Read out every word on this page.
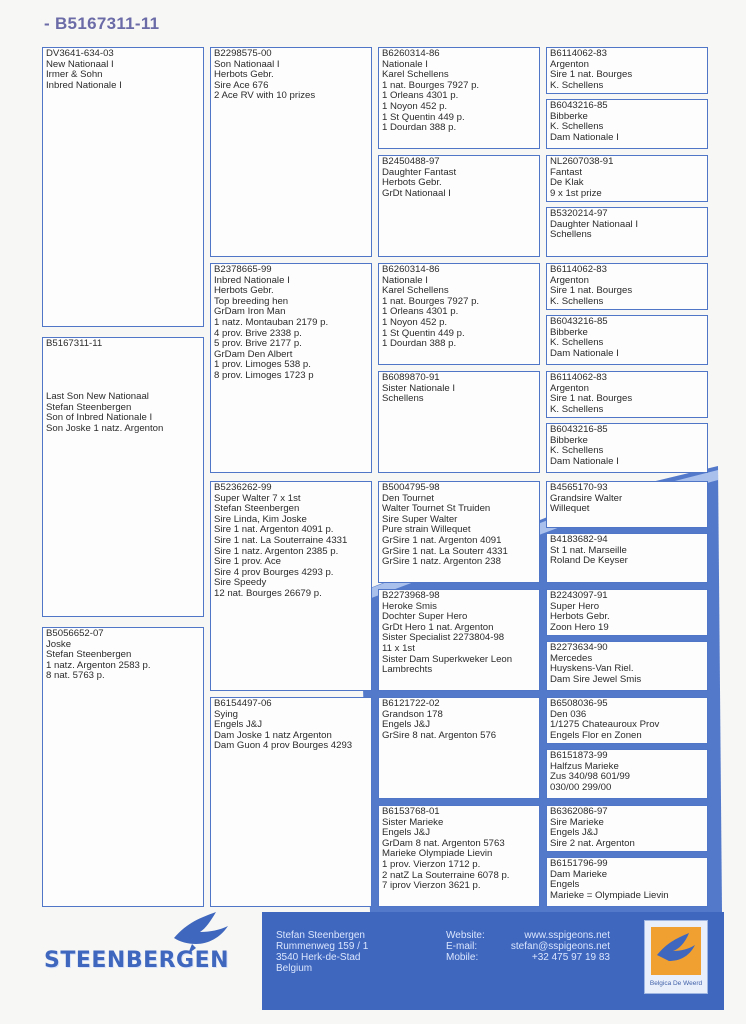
- B5167311-11
DV3641-634-03
New Nationaal I
Irmer & Sohn
Inbred Nationale I
B5167311-11

Last Son New Nationaal
Stefan Steenbergen
Son of Inbred Nationale I
Son Joske 1 natz. Argenton
B5056652-07
Joske
Stefan Steenbergen
1 natz. Argenton 2583 p.
8 nat. 5763 p.
B2298575-00
Son Nationaal I
Herbots Gebr.
Sire Ace 676
2 Ace RV with 10 prizes
B2378665-99
Inbred Nationale I
Herbots Gebr.
Top breeding hen
GrDam Iron Man
1 natz. Montauban 2179 p.
4 prov. Brive 2338 p.
5 prov. Brive 2177 p.
GrDam Den Albert
1 prov. Limoges 538 p.
8 prov. Limoges 1723 p
B5236262-99
Super Walter 7 x 1st
Stefan Steenbergen
Sire Linda, Kim Joske
Sire 1 nat. Argenton 4091 p.
Sire 1 nat. La Souterraine 4331
Sire 1 natz. Argenton 2385 p.
Sire 1 prov. Ace
Sire 4 prov Bourges 4293 p.
Sire Speedy
12 nat. Bourges 26679 p.
B6154497-06
Sying
Engels J&J
Dam Joske 1 natz Argenton
Dam Guon 4 prov Bourges 4293
B6260314-86
Nationale I
Karel Schellens
1 nat. Bourges 7927 p.
1 Orleans 4301 p.
1 Noyon 452 p.
1 St Quentin 449 p.
1 Dourdan 388 p.
B2450488-97
Daughter Fantast
Herbots Gebr.
GrDt Nationaal I
B6260314-86
Nationale I
Karel Schellens
1 nat. Bourges 7927 p.
1 Orleans 4301 p.
1 Noyon 452 p.
1 St Quentin 449 p.
1 Dourdan 388 p.
B6089870-91
Sister Nationale I
Schellens
B5004795-98
Den Tournet
Walter Tournet St Truiden
Sire Super Walter
Pure strain Willequet
GrSire 1 nat. Argenton 4091
GrSire 1 nat. La Souterr 4331
GrSire 1 natz. Argenton 238
B2273968-98
Heroke Smis
Dochter Super Hero
GrDt Hero 1 nat. Argenton
Sister Specialist 2273804-98
11 x 1st
Sister Dam Superkweker Leon
Lambrechts
B6121722-02
Grandson 178
Engels J&J
GrSire 8 nat. Argenton 576
B6153768-01
Sister Marieke
Engels J&J
GrDam 8 nat. Argenton 5763
Marieke Olympiade Lievin
1 prov. Vierzon 1712 p.
2 natZ La Souterraine 6078 p.
7 iprov Vierzon 3621 p.
B6114062-83
Argenton
Sire 1 nat. Bourges
K. Schellens
B6043216-85
Bibberke
K. Schellens
Dam Nationale I
NL2607038-91
Fantast
De Klak
9 x 1st prize
B5320214-97
Daughter Nationaal I
Schellens
B6114062-83
Argenton
Sire 1 nat. Bourges
K. Schellens
B6043216-85
Bibberke
K. Schellens
Dam Nationale I
B6114062-83
Argenton
Sire 1 nat. Bourges
K. Schellens
B6043216-85
Bibberke
K. Schellens
Dam Nationale I
B4565170-93
Grandsire Walter
Willequet
B4183682-94
St 1 nat. Marseille
Roland De Keyser
B2243097-91
Super Hero
Herbots Gebr.
Zoon Hero 19
B2273634-90
Mercedes
Huyskens-Van Riel.
Dam Sire Jewel Smis
B6508036-95
Den 036
1/1275 Chateauroux Prov
Engels Flor en Zonen
B6151873-99
Halfzus Marieke
Zus 340/98 601/99
030/00 299/00
B6362086-97
Sire Marieke
Engels J&J
Sire 2 nat. Argenton
B6151796-99
Dam Marieke
Engels
Marieke = Olympiade Lievin
STEENBERGEN
Stefan Steenbergen
Rummenweg 159 / 1
3540 Herk-de-Stad
Belgium
Website:
E-mail:
Mobile:
www.sspigeons.net
stefan@sspigeons.net
+32 475 97 19 83
Belgica De Weerd
